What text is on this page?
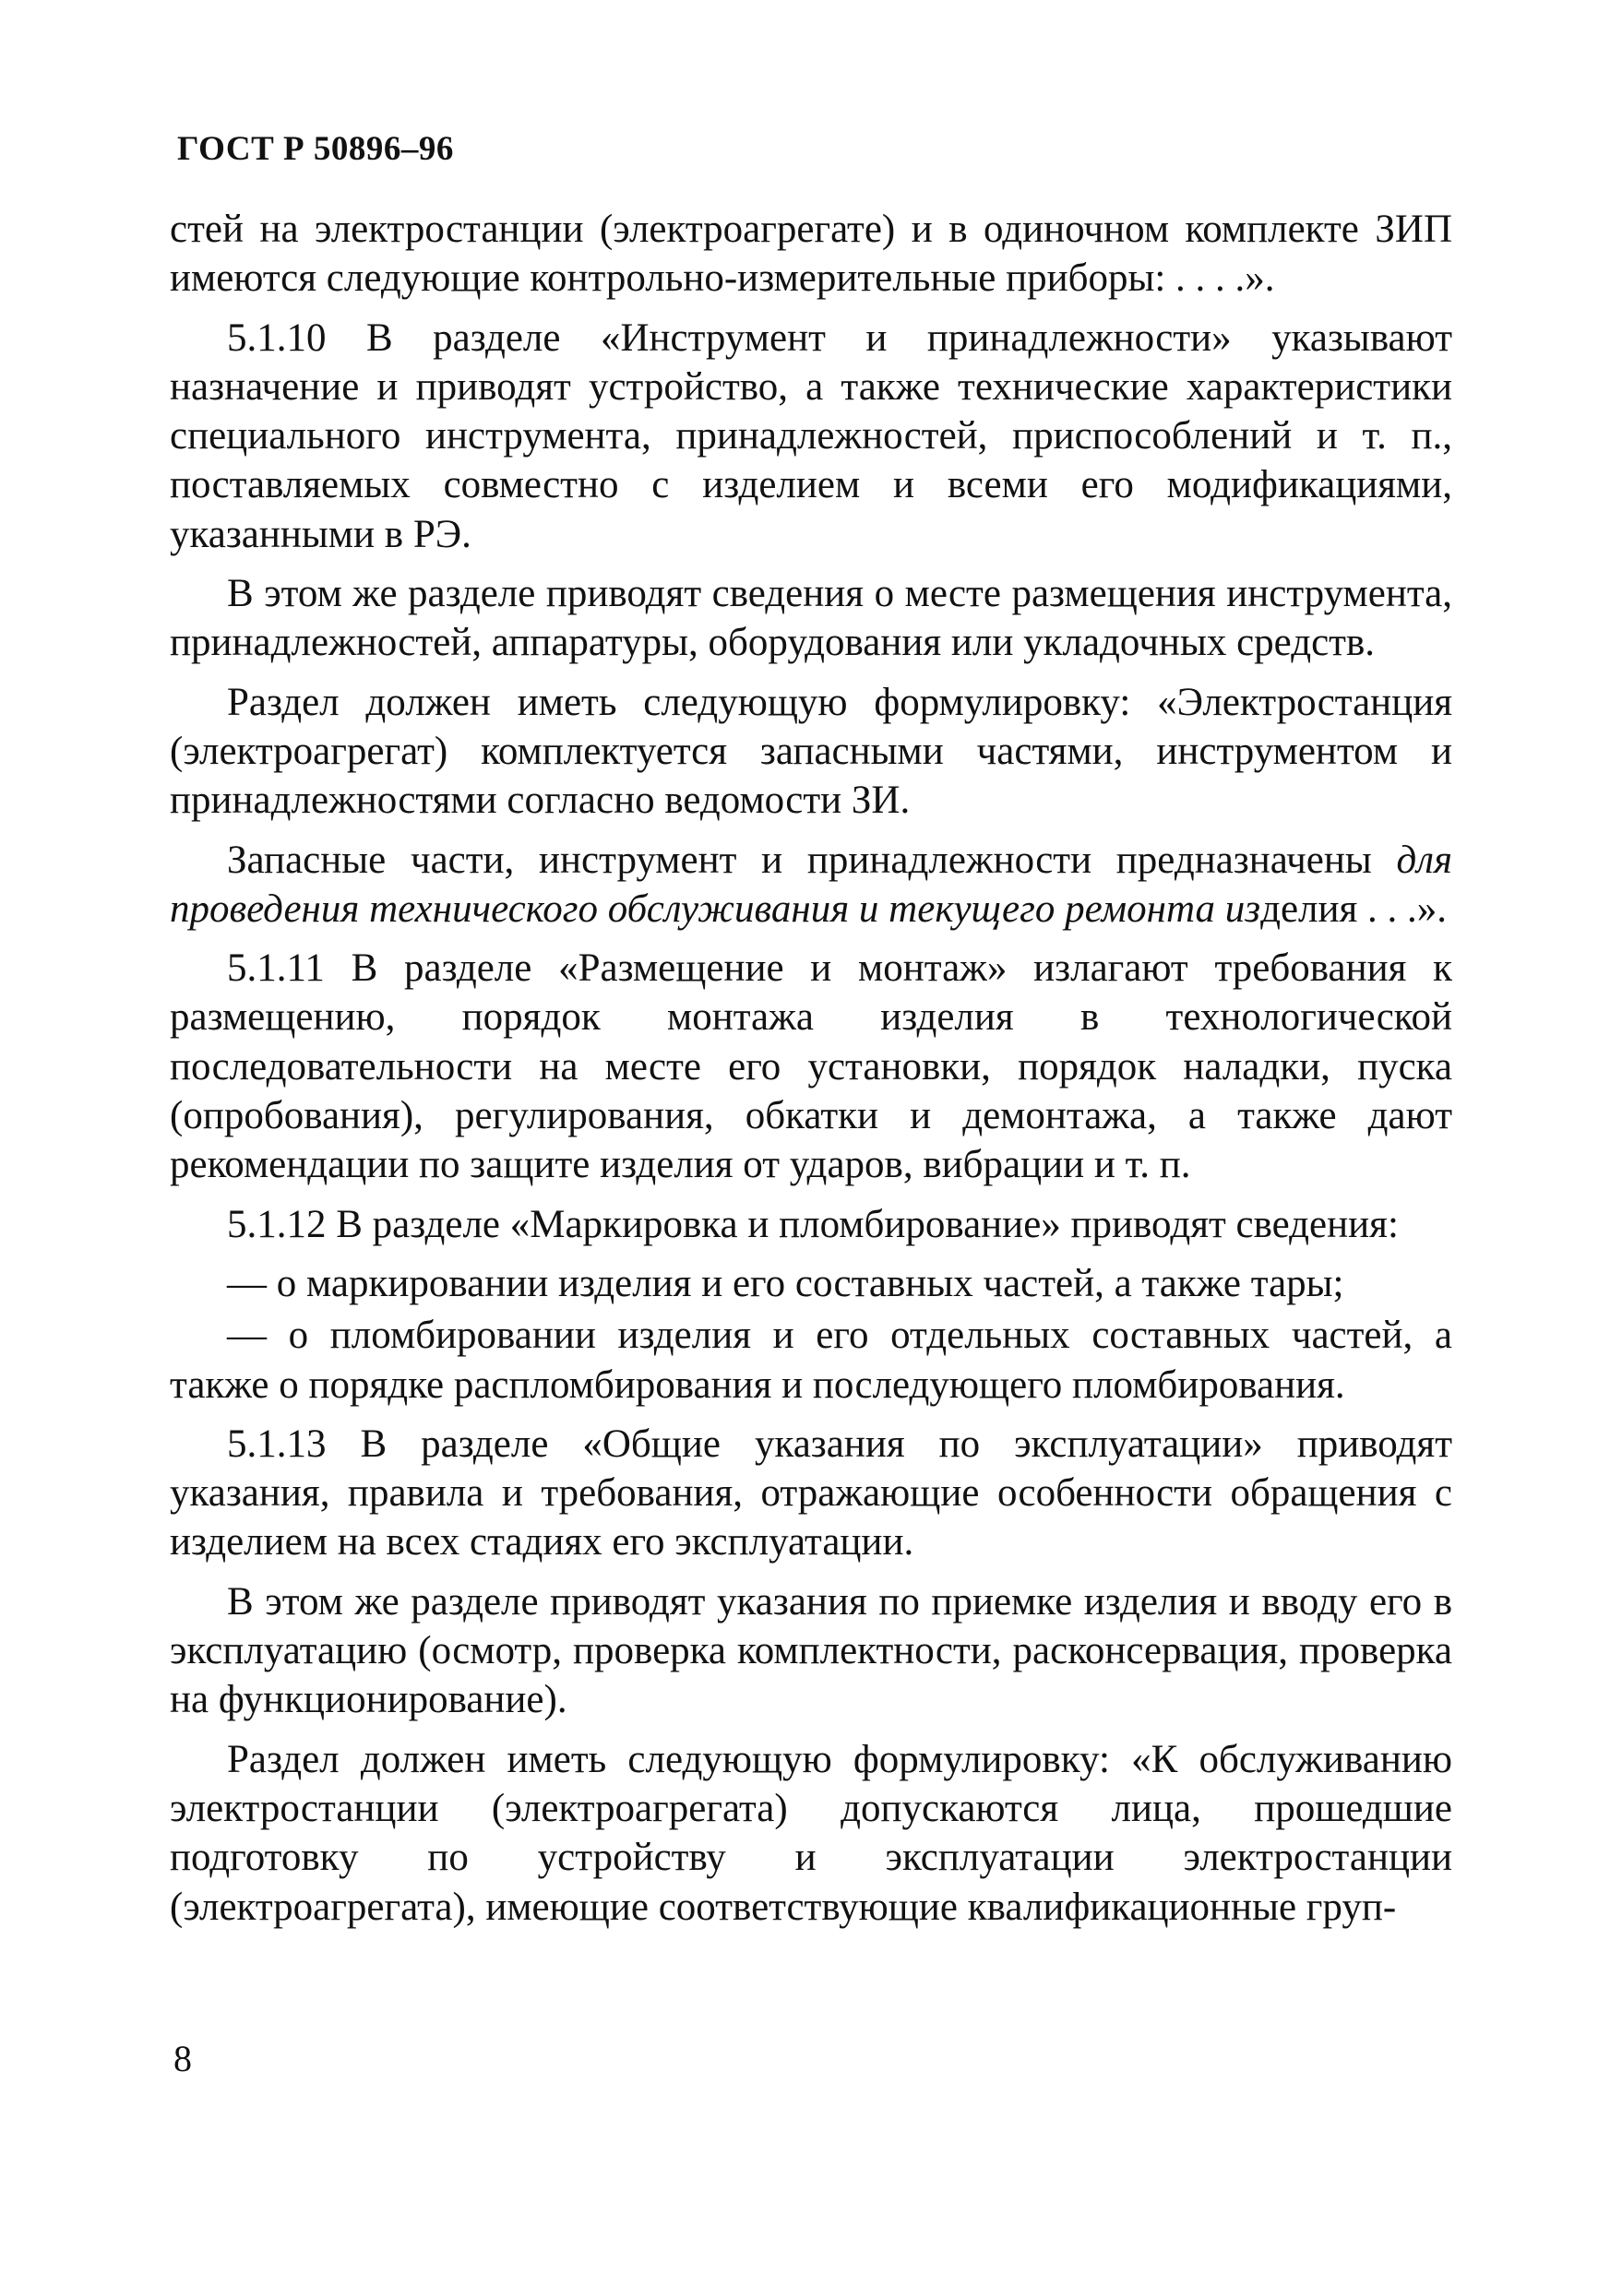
ГОСТ Р 50896–96

стей на электростанции (электроагрегате) и в одиночном комплекте ЗИП имеются следующие контрольно-измерительные приборы: . . . .».

5.1.10 В разделе «Инструмент и принадлежности» указывают назначение и приводят устройство, а также технические характеристики специального инструмента, принадлежностей, приспособлений и т. п., поставляемых совместно с изделием и всеми его модификациями, указанными в РЭ.

В этом же разделе приводят сведения о месте размещения инструмента, принадлежностей, аппаратуры, оборудования или укладочных средств.

Раздел должен иметь следующую формулировку: «Электростанция (электроагрегат) комплектуется запасными частями, инструментом и принадлежностями согласно ведомости ЗИ.

Запасные части, инструмент и принадлежности предназначены для проведения технического обслуживания и текущего ремонта изделия . . .».

5.1.11 В разделе «Размещение и монтаж» излагают требования к размещению, порядок монтажа изделия в технологической последовательности на месте его установки, порядок наладки, пуска (опробования), регулирования, обкатки и демонтажа, а также дают рекомендации по защите изделия от ударов, вибрации и т. п.

5.1.12 В разделе «Маркировка и пломбирование» приводят сведения:

— о маркировании изделия и его составных частей, а также тары;

— о пломбировании изделия и его отдельных составных частей, а также о порядке распломбирования и последующего пломбирования.

5.1.13 В разделе «Общие указания по эксплуатации» приводят указания, правила и требования, отражающие особенности обращения с изделием на всех стадиях его эксплуатации.

В этом же разделе приводят указания по приемке изделия и вводу его в эксплуатацию (осмотр, проверка комплектности, расконсервация, проверка на функционирование).

Раздел должен иметь следующую формулировку: «К обслуживанию электростанции (электроагрегата) допускаются лица, прошедшие подготовку по устройству и эксплуатации электростанции (электроагрегата), имеющие соответствующие квалификационные груп-

8
